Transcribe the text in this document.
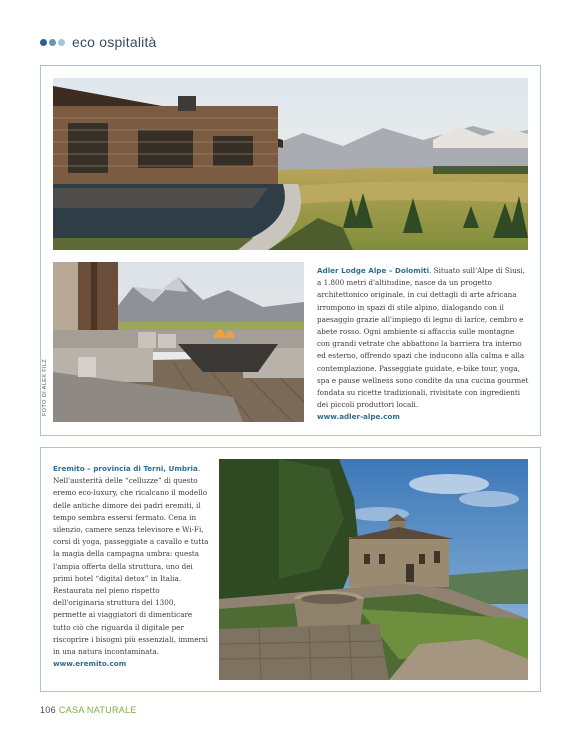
eco ospitalità
FOTO DI ALEX FILZ
Adler Lodge Alpe – Dolomiti. Situato sull'Alpe di Siusi, a 1.800 metri d'altitudine, nasce da un progetto architettonico originale, in cui dettagli di arte africana irrompono in spazi di stile alpino, dialogando con il paesaggio grazie all'impiego di legno di larice, cembro e abete rosso. Ogni ambiente si affaccia sulle montagne con grandi vetrate che abbattono la barriera tra interno ed esterno, offrendo spazi che inducono alla calma e alla contemplazione. Passeggiate guidate, e-bike tour, yoga, spa e pause wellness sono condite da una cucina gourmet fondata su ricette tradizionali, rivisitate con ingredienti dei piccoli produttori locali.
www.adler-alpe.com
Eremito – provincia di Terni, Umbria. Nell'austerità delle “celluzze” di questo eremo eco-luxury, che ricalcano il modello delle antiche dimore dei padri eremiti, il tempo sembra essersi fermato. Cena in silenzio, camere senza televisore e Wi-Fi, corsi di yoga, passeggiate a cavallo e tutta la magia della campagna umbra: questa l'ampia offerta della struttura, uno dei primi hotel “digital detox” in Italia. Restaurata nel pieno rispetto dell'originaria struttura del 1300, permette ai viaggiatori di dimenticare tutto ciò che riguarda il digitale per riscoprire i bisogni più essenziali, immersi in una natura incontaminata.
www.eremito.com
106 CASA NATURALE
